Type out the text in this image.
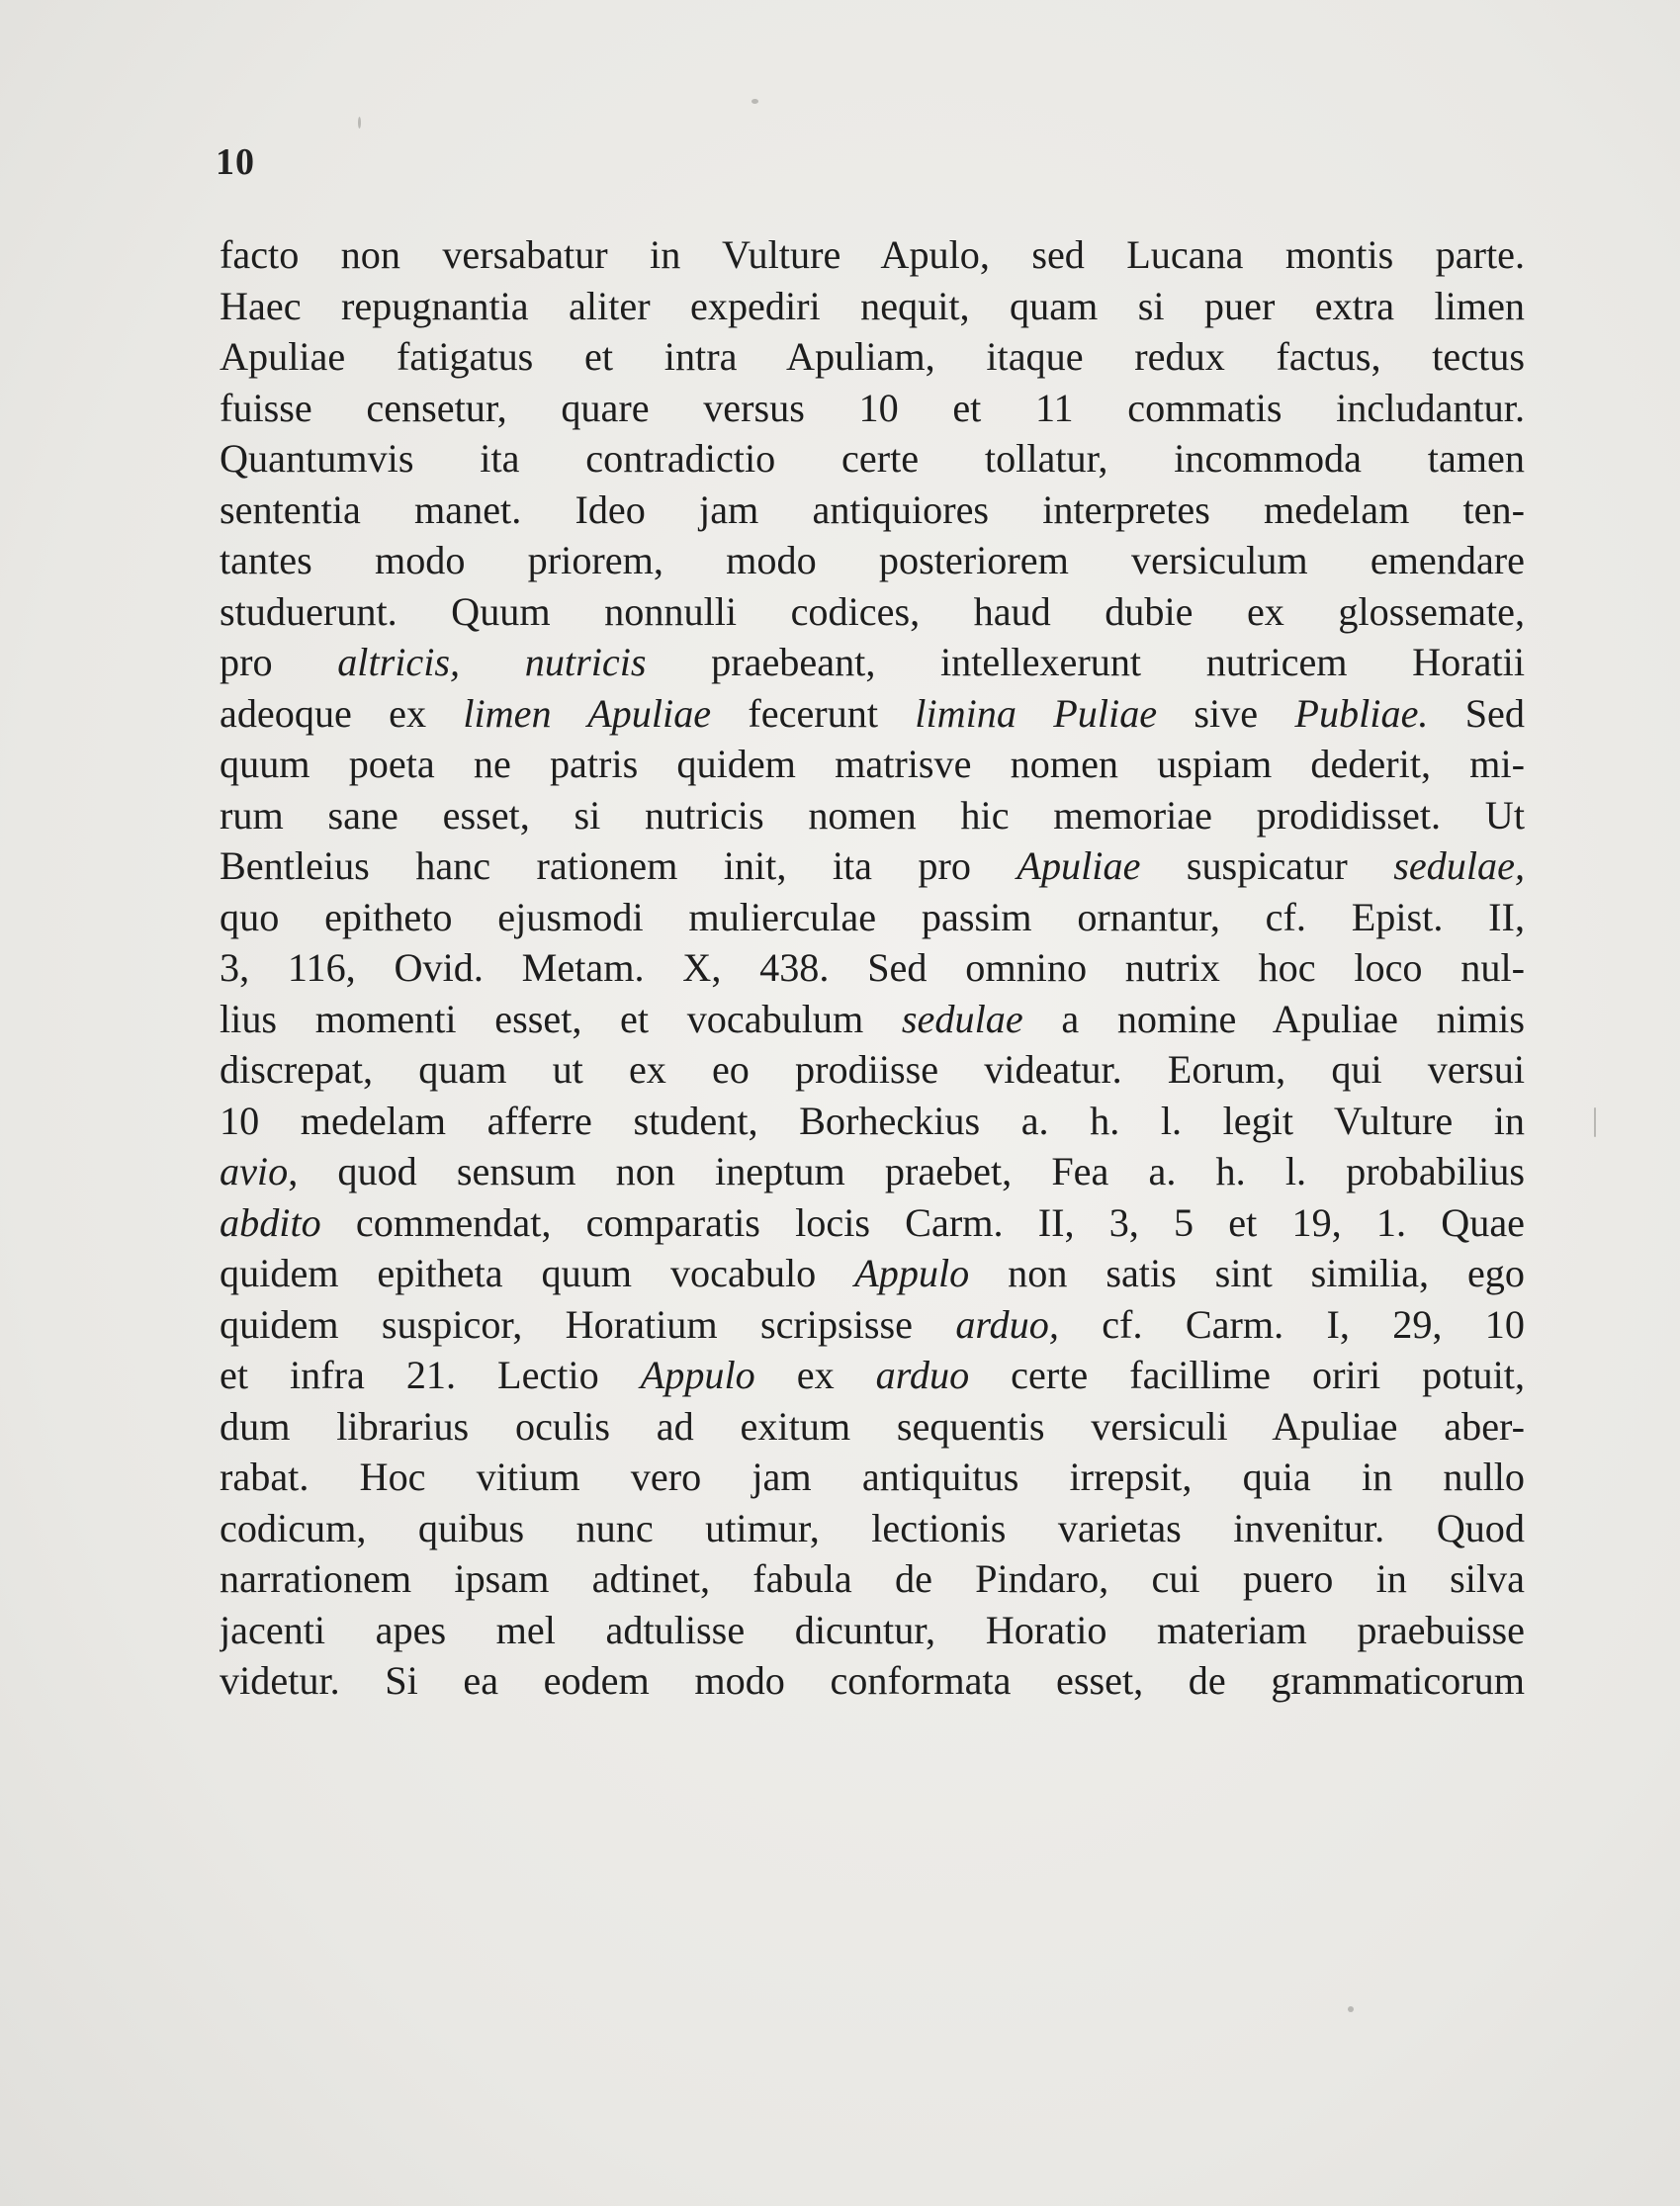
10
facto non versabatur in Vulture Apulo, sed Lucana montis parte.
Haec repugnantia aliter expediri nequit, quam si puer extra limen
Apuliae fatigatus et intra Apuliam, itaque redux factus, tectus
fuisse censetur, quare versus 10 et 11 commatis includantur.
Quantumvis ita contradictio certe tollatur, incommoda tamen
sententia manet. Ideo jam antiquiores interpretes medelam ten-
tantes modo priorem, modo posteriorem versiculum emendare
studuerunt. Quum nonnulli codices, haud dubie ex glossemate,
pro altricis, nutricis praebeant, intellexerunt nutricem Horatii
adeoque ex limen Apuliae fecerunt limina Puliae sive Publiae. Sed
quum poeta ne patris quidem matrisve nomen uspiam dederit, mi-
rum sane esset, si nutricis nomen hic memoriae prodidisset. Ut
Bentleius hanc rationem init, ita pro Apuliae suspicatur sedulae,
quo epitheto ejusmodi mulierculae passim ornantur, cf. Epist. II,
3, 116, Ovid. Metam. X, 438. Sed omnino nutrix hoc loco nul-
lius momenti esset, et vocabulum sedulae a nomine Apuliae nimis
discrepat, quam ut ex eo prodiisse videatur. Eorum, qui versui
10 medelam afferre student, Borheckius a. h. l. legit Vulture in
avio, quod sensum non ineptum praebet, Fea a. h. l. probabilius
abdito commendat, comparatis locis Carm. II, 3, 5 et 19, 1. Quae
quidem epitheta quum vocabulo Appulo non satis sint similia, ego
quidem suspicor, Horatium scripsisse arduo, cf. Carm. I, 29, 10
et infra 21. Lectio Appulo ex arduo certe facillime oriri potuit,
dum librarius oculis ad exitum sequentis versiculi Apuliae aber-
rabat. Hoc vitium vero jam antiquitus irrepsit, quia in nullo
codicum, quibus nunc utimur, lectionis varietas invenitur. Quod
narrationem ipsam adtinet, fabula de Pindaro, cui puero in silva
jacenti apes mel adtulisse dicuntur, Horatio materiam praebuisse
videtur. Si ea eodem modo conformata esset, de grammaticorum
